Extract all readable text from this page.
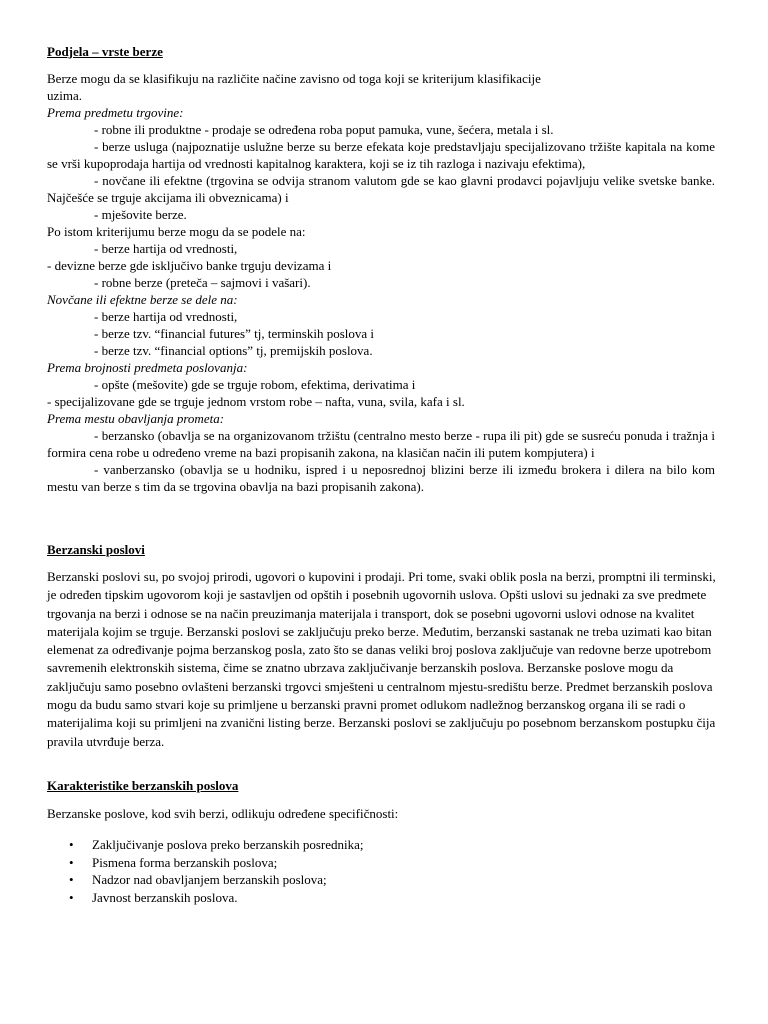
Podjela – vrste berze

Berze mogu da se klasifikuju na različite načine zavisno od toga koji se kriterijum klasifikacije

uzima.

Prema predmetu trgovine:

- robne ili produktne - prodaje se određena roba poput pamuka, vune, šećera, metala i sl.

- berze usluga (najpoznatije uslužne berze su berze efekata koje predstavljaju specijalizovano tržište kapitala na kome se vrši kupoprodaja hartija od vrednosti kapitalnog karaktera, koji se iz tih razloga i nazivaju efektima),

- novčane ili efektne (trgovina se odvija stranom valutom gde se kao glavni prodavci pojavljuju velike svetske banke. Najčešće se trguje akcijama ili obveznicama) i

- mješovite berze.

Po istom kriterijumu berze mogu da se podele na:

- berze hartija od vrednosti,

- devizne berze gde isključivo banke trguju devizama i

- robne berze (preteča – sajmovi i vašari).

Novčane ili efektne berze se dele na:

- berze hartija od vrednosti,

- berze tzv. “financial futures” tj, terminskih poslova i

- berze tzv. “financial options” tj, premijskih poslova.

Prema brojnosti predmeta poslovanja:

- opšte (mešovite) gde se trguje robom, efektima, derivatima i

- specijalizovane gde se trguje jednom vrstom robe – nafta, vuna, svila, kafa i sl.

Prema mestu obavljanja prometa:

- berzansko (obavlja se na organizovanom tržištu (centralno mesto berze - rupa ili pit) gde se susreću ponuda i tražnja i formira cena robe u određeno vreme na bazi propisanih zakona, na klasičan način ili putem kompjutera) i

- vanberzansko (obavlja se u hodniku, ispred i u neposrednoj blizini berze ili između brokera i dilera na bilo kom mestu van berze s tim da se trgovina obavlja na bazi propisanih zakona).

Berzanski poslovi

Berzanski poslovi su, po svojoj prirodi, ugovori o kupovini i prodaji. Pri tome, svaki oblik posla na berzi, promptni ili terminski, je određen tipskim ugovorom koji je sastavljen od opštih i posebnih ugovornih uslova. Opšti uslovi su jednaki za sve predmete trgovanja na berzi i odnose se na način preuzimanja materijala i transport, dok se posebni ugovorni uslovi odnose na kvalitet materijala kojim se trguje. Berzanski poslovi se zaključuju preko berze. Međutim, berzanski sastanak ne treba uzimati kao bitan elemenat za određivanje pojma berzanskog posla, zato što se danas veliki broj poslova zaključuje van redovne berze upotrebom savremenih elektronskih sistema, čime se znatno ubrzava zaključivanje berzanskih poslova. Berzanske poslove mogu da zaključuju samo posebno ovlašteni berzanski trgovci smješteni u centralnom mjestu-središtu berze. Predmet berzanskih poslova mogu da budu samo stvari koje su primljene u berzanski pravni promet odlukom nadležnog berzanskog organa ili se radi o materijalima koji su primljeni na zvanični listing berze. Berzanski poslovi se zaključuju po posebnom berzanskom postupku čija pravila utvrđuje berza.

Karakteristike berzanskih poslova

Berzanske poslove, kod svih berzi, odlikuju određene specifičnosti:

• Zaključivanje poslova preko berzanskih posrednika;
• Pismena forma berzanskih poslova;
• Nadzor nad obavljanjem berzanskih poslova;
• Javnost berzanskih poslova.
